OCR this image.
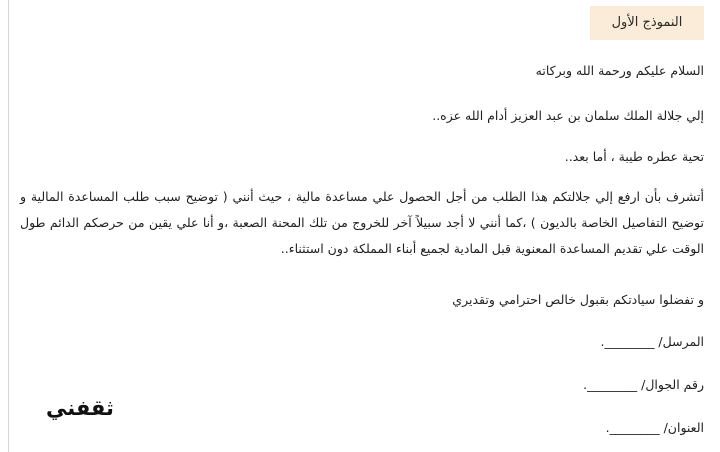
النموذج الأول
السلام عليكم ورحمة الله وبركاته
إلي جلالة الملك سلمان بن عبد العزيز أدام الله عزه..
تحية عطره طيبة ، أما بعد..
أتشرف بأن ارفع إلي جلالتكم هذا الطلب من أجل الحصول علي مساعدة مالية ، حيث أنني ( توضيح سبب طلب المساعدة المالية و توضيح التفاصيل الخاصة بالديون ) ،كما أنني لا أجد سبيلاً آخر للخروج من تلك المحنة الصعبة ،و أنا علي يقين من حرصكم الدائم طول الوقت علي تقديم المساعدة المعنوية قبل المادية لجميع أبناء المملكة دون استثناء..
و تفضلوا سيادتكم بقبول خالص احترامي وتقديري
المرسل/ ________.
رقم الجوال/ ________.
العنوان/ ________.
ثقفني
